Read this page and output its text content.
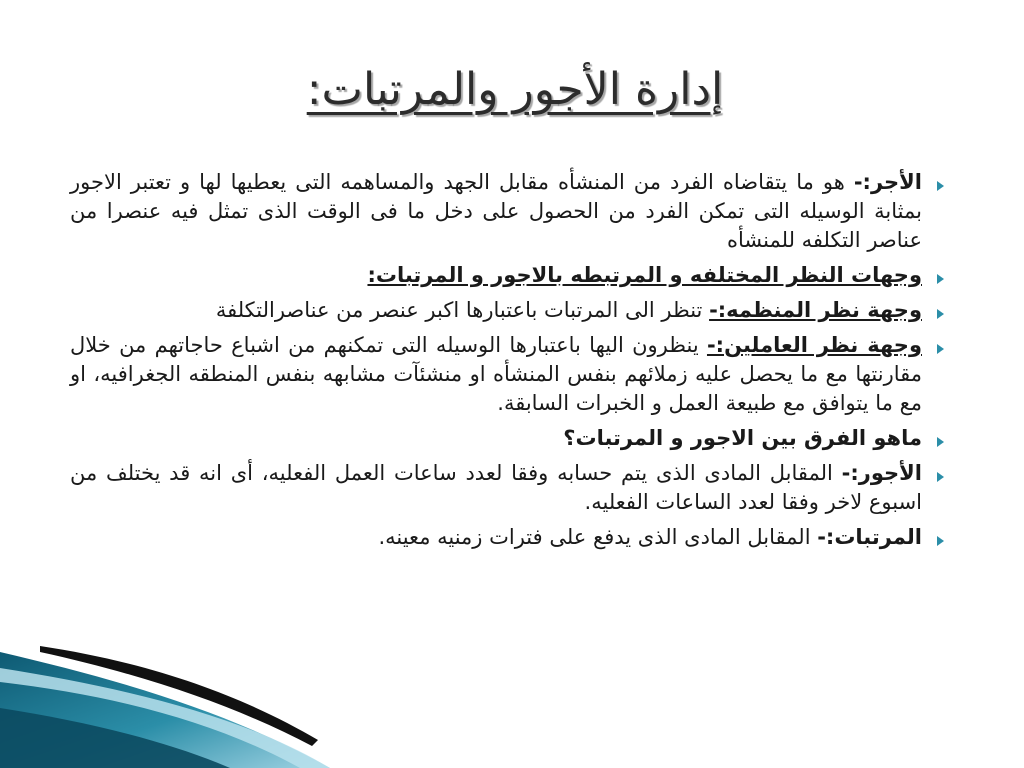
إدارة الأجور والمرتبات:
الأجر:- هو ما يتقاضاه الفرد من المنشأه مقابل الجهد والمساهمه التى يعطيها لها و تعتبر الاجور بمثابة الوسيله التى تمكن الفرد من الحصول على دخل ما فى الوقت الذى تمثل فيه عنصرا من عناصر التكلفه للمنشأه
وجهات النظر المختلفه و المرتبطه بالاجور و المرتبات:
وجهة نظر المنظمه:- تنظر الى المرتبات باعتبارها اكبر عنصر من عناصرالتكلفة
وجهة نظر العاملين:- ينظرون اليها باعتبارها الوسيله التى تمكنهم من اشباع حاجاتهم من خلال مقارنتها مع ما يحصل عليه زملائهم بنفس المنشأه او منشئآت مشابهه بنفس المنطقه الجغرافيه، او مع ما يتوافق مع طبيعة العمل و الخبرات السابقة.
ماهو الفرق بين الاجور و المرتبات؟
الأجور:- المقابل المادى الذى يتم حسابه وفقا لعدد ساعات العمل الفعليه، أى انه قد يختلف من اسبوع لاخر وفقا لعدد الساعات الفعليه.
المرتبات:- المقابل المادى الذى يدفع على فترات زمنيه معينه.
